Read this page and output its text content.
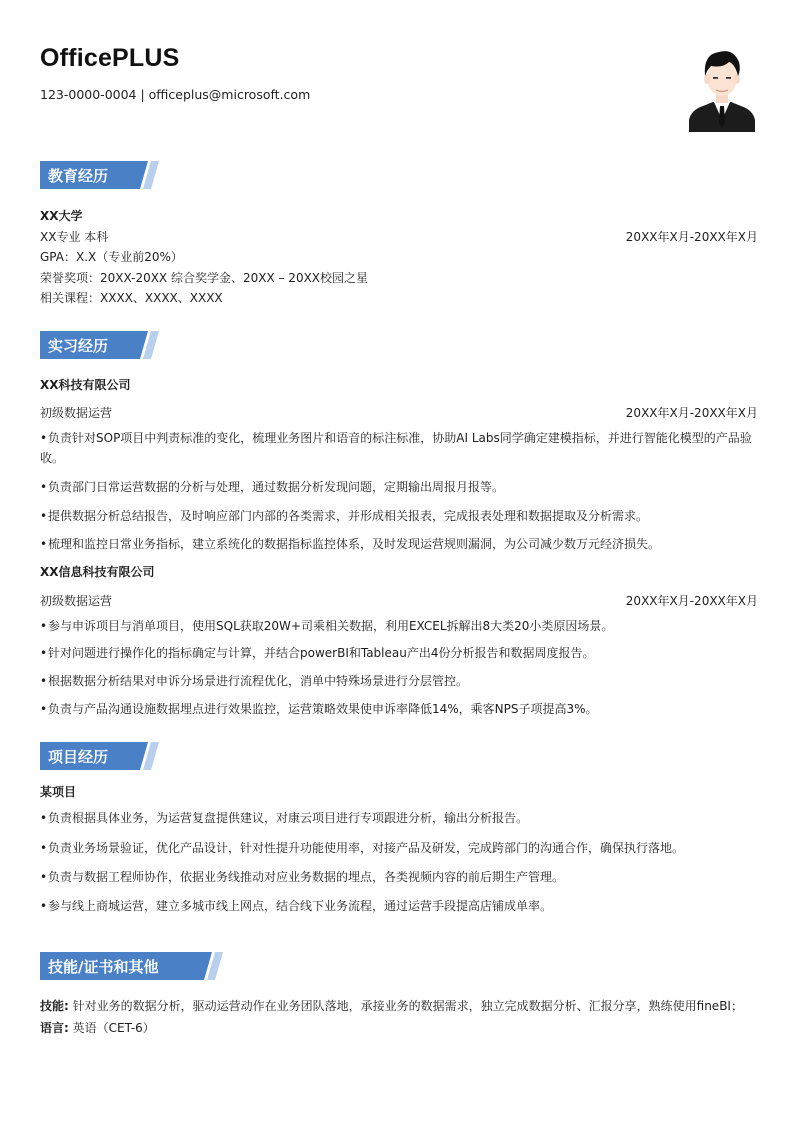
OfficePLUS
123-0000-0004 | officeplus@microsoft.com
教育经历
XX大学
XX专业 本科	20XX年X月-20XX年X月
GPA：X.X（专业前20%）
荣誉奖项：20XX-20XX 综合奖学金、20XX – 20XX校园之星
相关课程：XXXX、XXXX、XXXX
实习经历
XX科技有限公司
初级数据运营	20XX年X月-20XX年X月
•负责针对SOP项目中判责标准的变化，梳理业务图片和语音的标注标准，协助AI Labs同学确定建模指标，并进行智能化模型的产品验收。
•负责部门日常运营数据的分析与处理，通过数据分析发现问题，定期输出周报月报等。
•提供数据分析总结报告，及时响应部门内部的各类需求，并形成相关报表，完成报表处理和数据提取及分析需求。
•梳理和监控日常业务指标，建立系统化的数据指标监控体系，及时发现运营规则漏洞，为公司减少数万元经济损失。
XX信息科技有限公司
初级数据运营	20XX年X月-20XX年X月
•参与申诉项目与消单项目，使用SQL获取20W+司乘相关数据，利用EXCEL拆解出8大类20小类原因场景。
•针对问题进行操作化的指标确定与计算，并结合powerBI和Tableau产出4份分析报告和数据周度报告。
•根据数据分析结果对申诉分场景进行流程优化，消单中特殊场景进行分层管控。
•负责与产品沟通设施数据埋点进行效果监控，运营策略效果使申诉率降低14%，乘客NPS子项提高3%。
项目经历
某项目
•负责根据具体业务，为运营复盘提供建议，对康云项目进行专项跟进分析，输出分析报告。
•负责业务场景验证，优化产品设计，针对性提升功能使用率，对接产品及研发，完成跨部门的沟通合作，确保执行落地。
•负责与数据工程师协作，依据业务线推动对应业务数据的埋点，各类视频内容的前后期生产管理。
•参与线上商城运营，建立多城市线上网点，结合线下业务流程，通过运营手段提高店铺成单率。
技能/证书和其他
技能: 针对业务的数据分析，驱动运营动作在业务团队落地，承接业务的数据需求，独立完成数据分析、汇报分享，熟练使用fineBI；
语言: 英语（CET-6）
